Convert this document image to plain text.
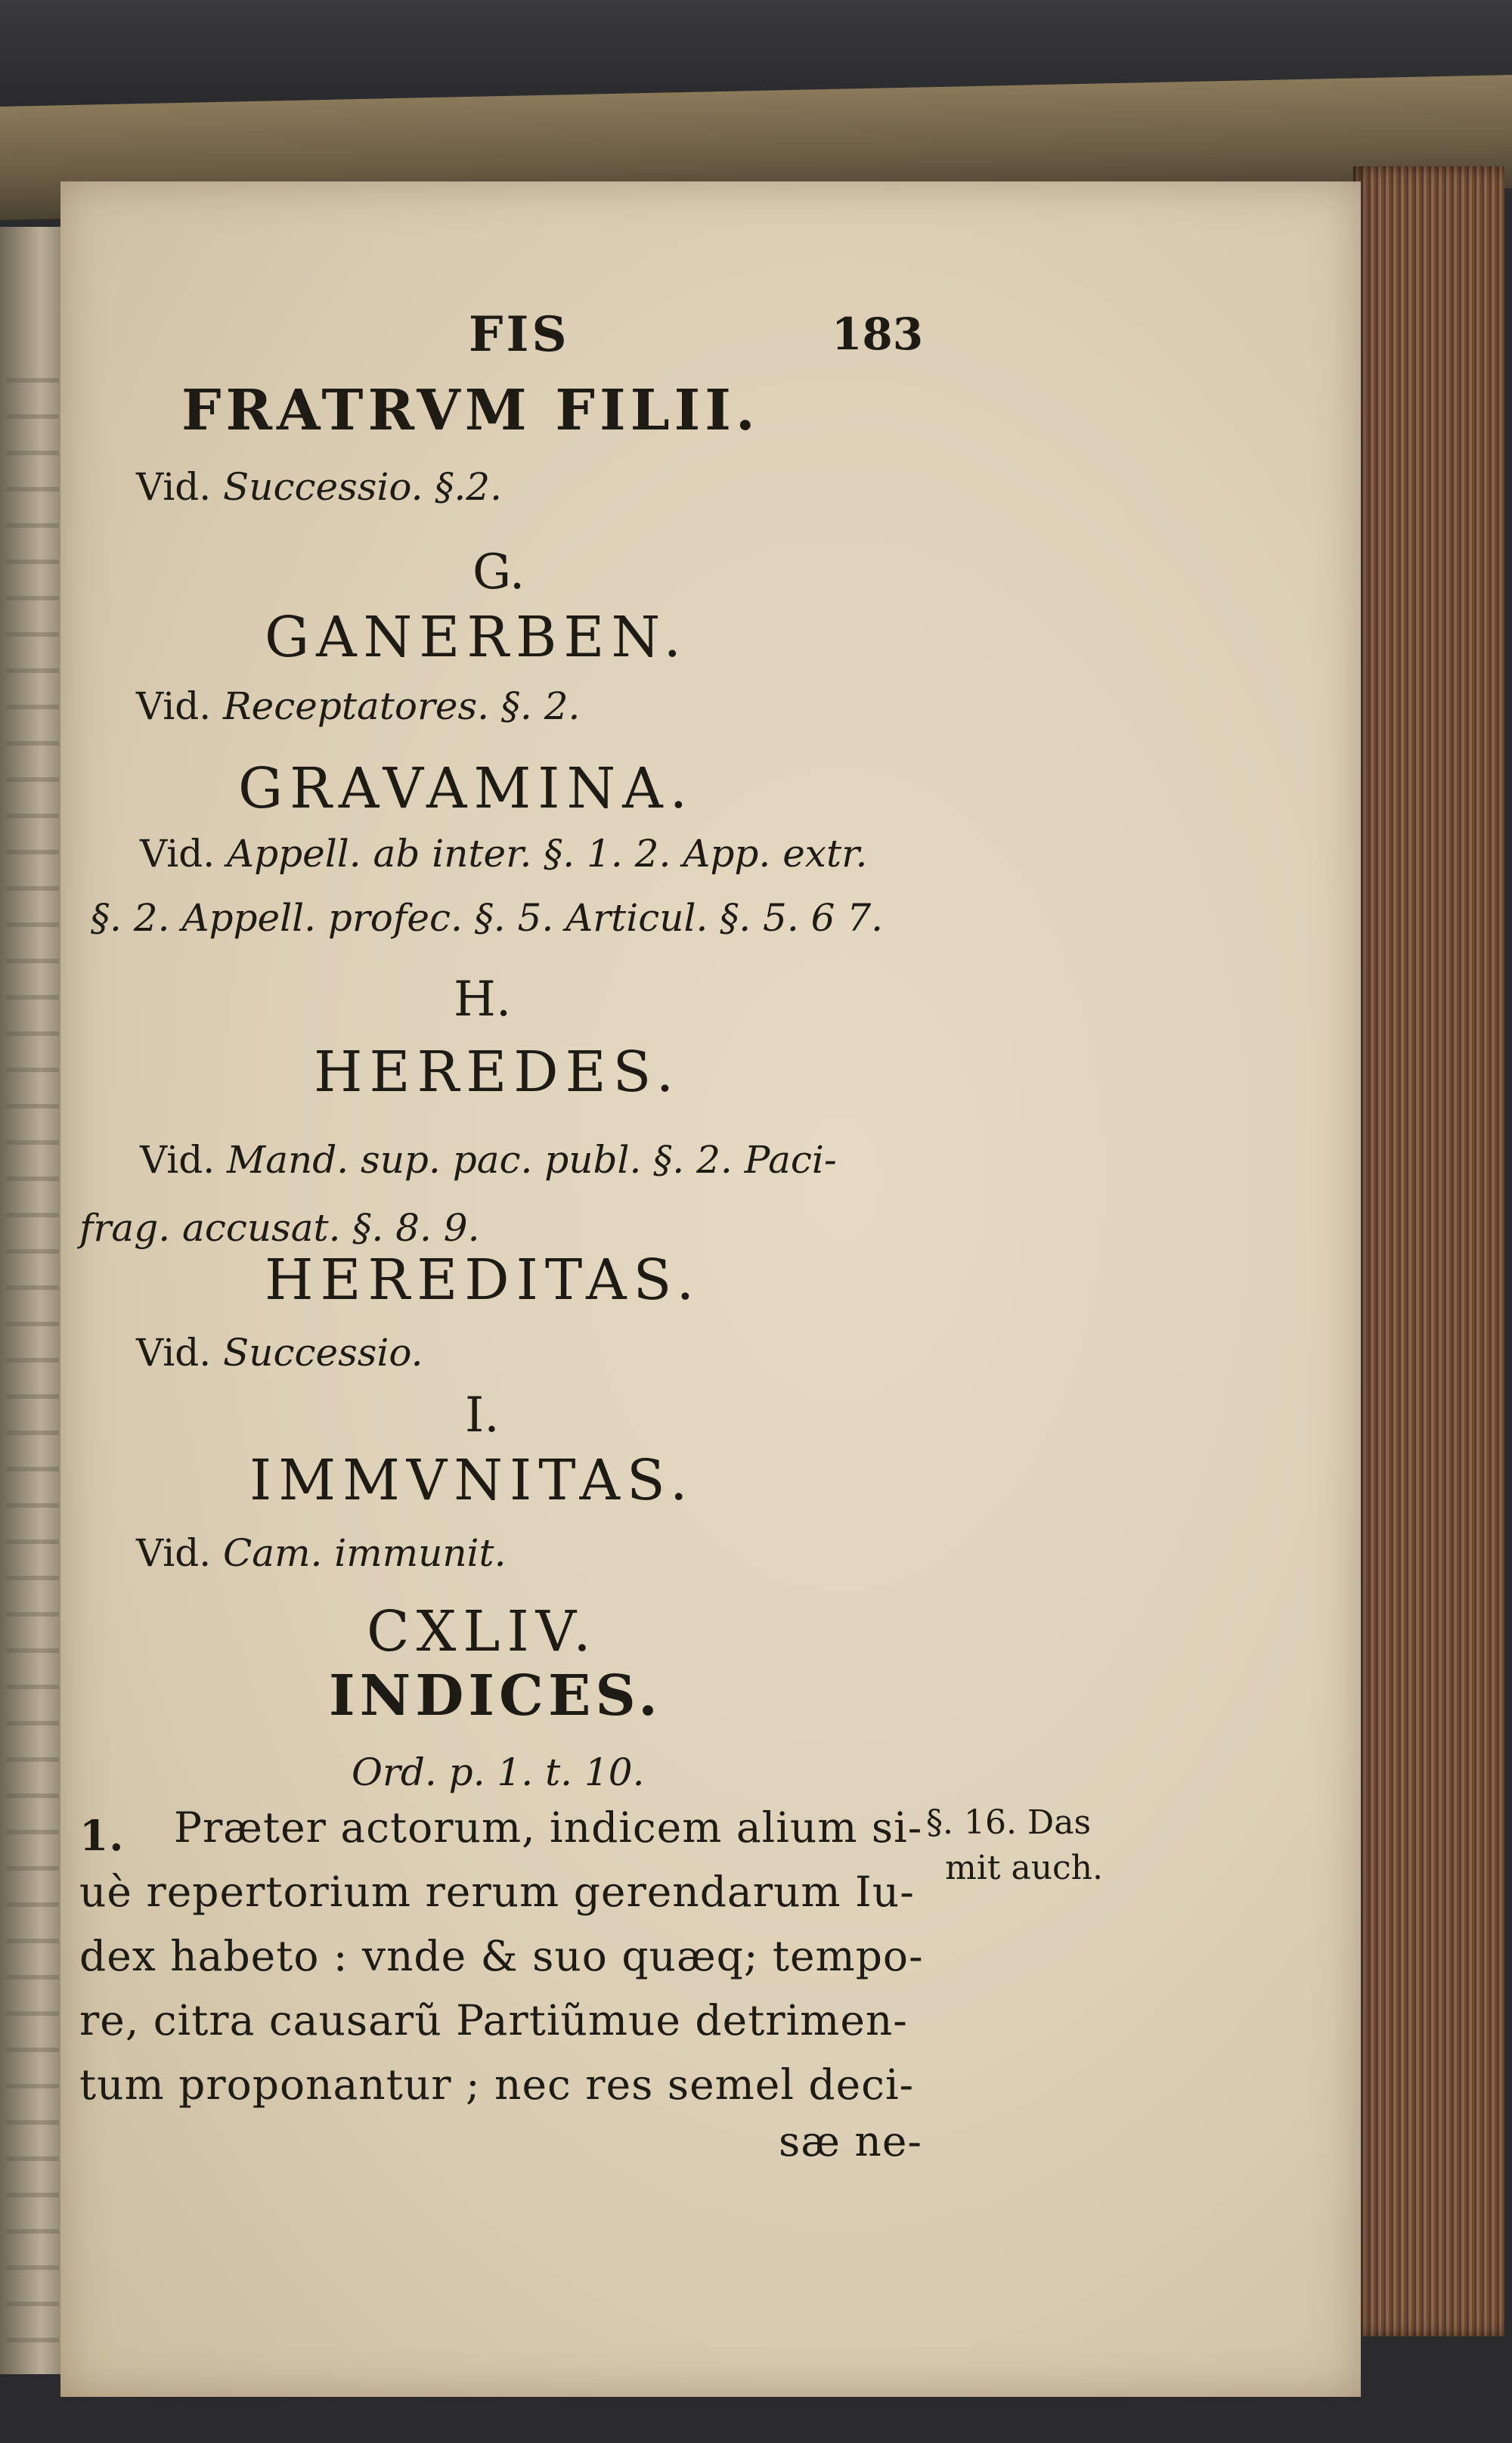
FIS	183
FRATRVM FILII.
Vid. Successio. §.2.
G.
GANERBEN.
Vid. Receptatores. §. 2.
GRAVAMINA.
Vid. Appell. ab inter. §. 1. 2. App. extr.
§. 2. Appell. profec. §. 5. Articul. §. 5. 6 7.
H.
HEREDES.
Vid. Mand. sup. pac. publ. §. 2. Paci-
frag. accusat. §. 8. 9.
HEREDITAS.
Vid. Successio.
I.
IMMVNITAS.
Vid. Cam. immunit.
CXLIV.
INDICES.
Ord. p. 1. t. 10.
1. Præter actorum, indicem alium si-
uè repertorium rerum gerendarum Iu-
dex habeto : vnde & suo quæq; tempo-
re, citra causarũ Partiũmue detrimen-
tum proponantur ; nec res semel deci-
sæ ne-
§. 16. Das
mit auch.
